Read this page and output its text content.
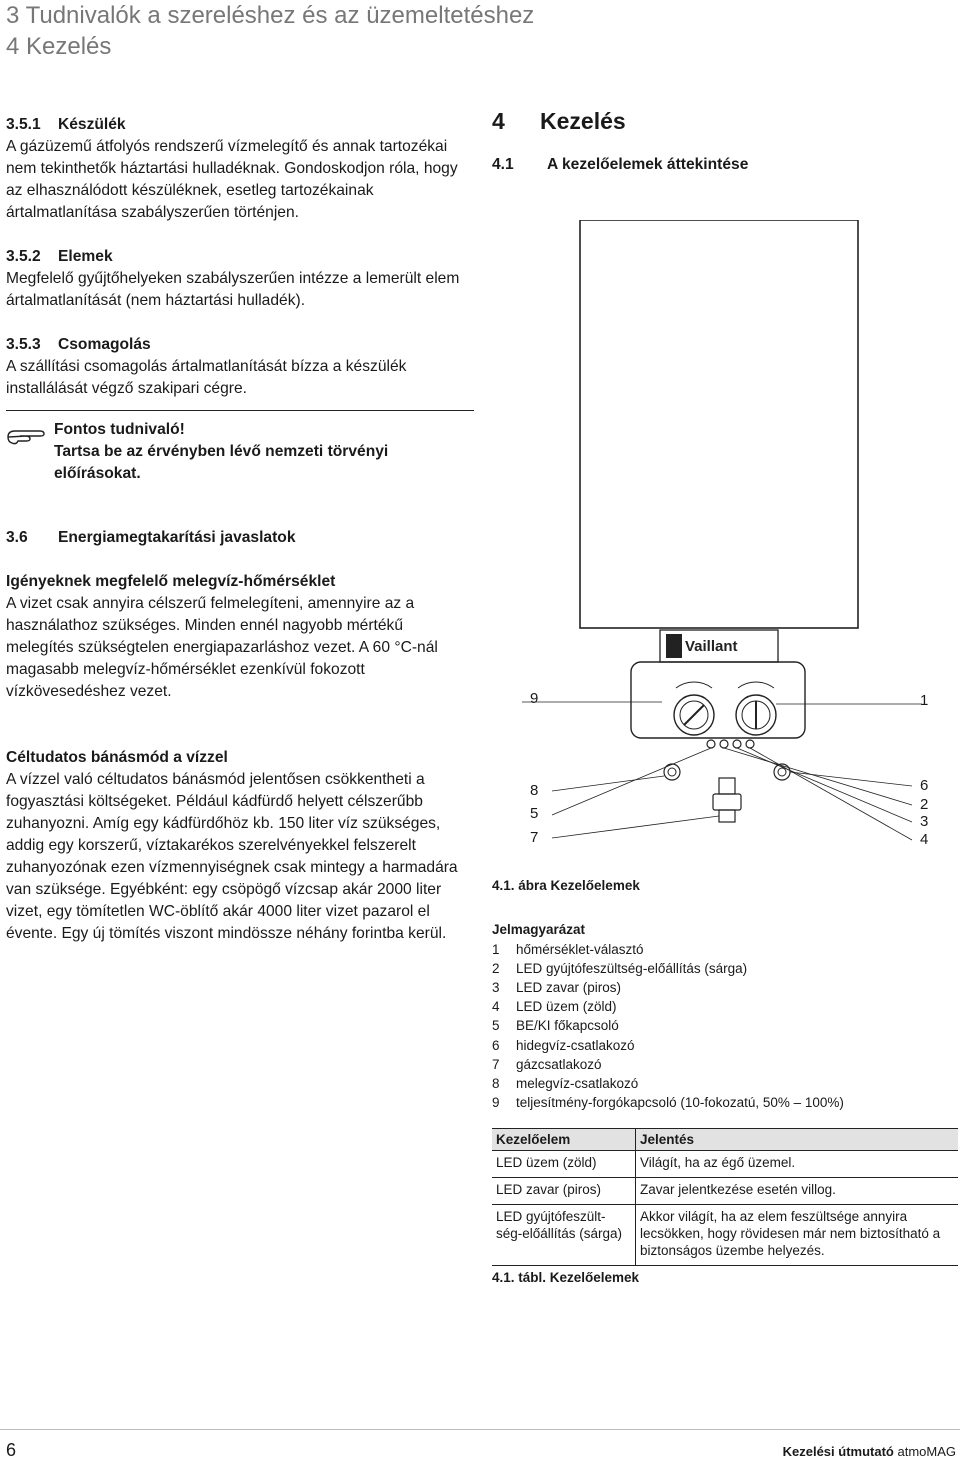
3 Tudnivalók a szereléshez és az üzemeltetéshez
4 Kezelés

3.5.1 Készülék

A gázüzemű átfolyós rendszerű vízmelegítő és annak tartozékai nem tekinthetők háztartási hulladéknak. Gondoskodjon róla, hogy az elhasználódott készüléknek, esetleg tartozékainak ártalmatlanítása szabályszerűen történjen.

3.5.2 Elemek

Megfelelő gyűjtőhelyeken szabályszerűen intézze a lemerült elem ártalmatlanítását (nem háztartási hulladék).

3.5.3 Csomagolás

A szállítási csomagolás ártalmatlanítását bízza a készülék installálását végző szakipari cégre.

Fontos tudnivaló!

Tartsa be az érvényben lévő nemzeti törvényi előírásokat.

3.6 Energiamegtakarítási javaslatok

Igényeknek megfelelő melegvíz-hőmérséklet

A vizet csak annyira célszerű felmelegíteni, amennyire az a használathoz szükséges. Minden ennél nagyobb mértékű melegítés szükségtelen energiapazarláshoz vezet. A 60 °C-nál magasabb melegvíz-hőmérséklet ezenkívül fokozott vízkövesedéshez vezet.

Céltudatos bánásmód a vízzel

A vízzel való céltudatos bánásmód jelentősen csökkentheti a fogyasztási költségeket. Például kádfürdő helyett célszerűbb zuhanyozni. Amíg egy kádfürdőhöz kb. 150 liter víz szükséges, addig egy korszerű, víztakarékos szerelvényekkel felszerelt zuhanyozónak ezen vízmennyiségnek csak mintegy a harmadára van szüksége. Egyébként: egy csöpögő vízcsap akár 2000 liter vizet, egy tömítetlen WC-öblítő akár 4000 liter vizet pazarol el évente. Egy új tömítés viszont mindössze néhány forintba kerül.

4 Kezelés
4.1 A kezelőelemek áttekintése
Vaillant
9	1
8
5
7
6
2
3
4
4.1. ábra Kezelőelemek
Jelmagyarázat
1	hőmérséklet-választó
2	LED gyújtófeszültség-előállítás (sárga)
3	LED zavar (piros)
4	LED üzem (zöld)
5	BE/KI főkapcsoló
6	hidegvíz-csatlakozó
7	gázcsatlakozó
8	melegvíz-csatlakozó
9	teljesítmény-forgókapcsoló (10-fokozatú, 50% – 100%)
Kezelőelem	Jelentés
LED üzem (zöld)	Világít, ha az égő üzemel.
LED zavar (piros)	Zavar jelentkezése esetén villog.
LED gyújtófeszült-ség-előállítás (sárga)	Akkor világít, ha az elem feszültsége annyira lecsökken, hogy rövidesen már nem biztosítható a biztonságos üzembe helyezés.
4.1. tábl. Kezelőelemek
6	Kezelési útmutató atmoMAG
